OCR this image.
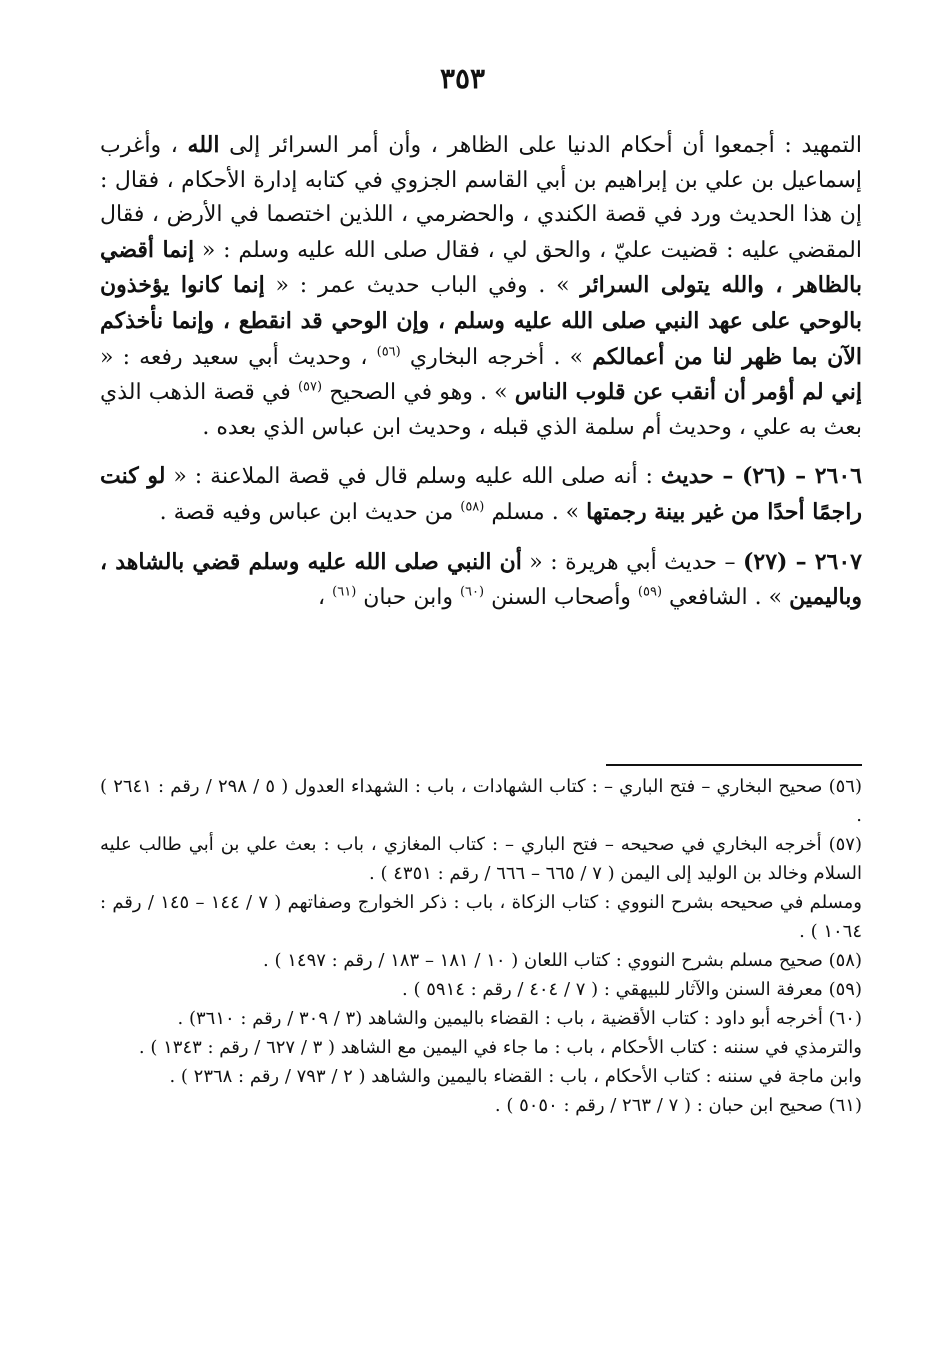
٣٥٣

التمهيد : أجمعوا أن أحكام الدنيا على الظاهر ، وأن أمر السرائر إلى الله ، وأغرب إسماعيل بن علي بن إبراهيم بن أبي القاسم الجزوي في كتابه إدارة الأحكام ، فقال : إن هذا الحديث ورد في قصة الكندي ، والحضرمي ، اللذين اختصما في الأرض ، فقال المقضي عليه : قضيت عليّ ، والحق لي ، فقال صلى الله عليه وسلم : « إنما أقضي بالظاهر ، والله يتولى السرائر » . وفي الباب حديث عمر : « إنما كانوا يؤخذون بالوحي على عهد النبي صلى الله عليه وسلم ، وإن الوحي قد انقطع ، وإنما نأخذكم الآن بما ظهر لنا من أعمالكم » . أخرجه البخاري $^{(٥٦)}$ ، وحديث أبي سعيد رفعه : « إني لم أؤمر أن أنقب عن قلوب الناس » . وهو في الصحيح $^{(٥٧)}$ في قصة الذهب الذي بعث به علي ، وحديث أم سلمة الذي قبله ، وحديث ابن عباس الذي بعده .

٢٦٠٦ – (٢٦) – حديث : أنه صلى الله عليه وسلم قال في قصة الملاعنة : « لو كنت راجمًا أحدًا من غير بينة رجمتها » . مسلم $^{(٥٨)}$ من حديث ابن عباس وفيه قصة .

٢٦٠٧ – (٢٧) – حديث أبي هريرة : « أن النبي صلى الله عليه وسلم قضي بالشاهد ، وباليمين » . الشافعي $^{(٥٩)}$ وأصحاب السنن $^{(٦٠)}$ وابن حبان $^{(٦١)}$ ،

(٥٦) صحيح البخاري – فتح الباري – : كتاب الشهادات ، باب : الشهداء العدول ( ٥ / ٢٩٨ / رقم : ٢٦٤١ ) .

(٥٧) أخرجه البخاري في صحيحه – فتح الباري – : كتاب المغازي ، باب : بعث علي بن أبي طالب عليه السلام وخالد بن الوليد إلى اليمن ( ٧ / ٦٦٥ – ٦٦٦ / رقم : ٤٣٥١ ) .

ومسلم في صحيحه بشرح النووي : كتاب الزكاة ، باب : ذكر الخوارج وصفاتهم ( ٧ / ١٤٤ – ١٤٥ / رقم : ١٠٦٤ ) .

(٥٨) صحيح مسلم بشرح النووي : كتاب اللعان ( ١٠ / ١٨١ – ١٨٣ / رقم : ١٤٩٧ ) .

(٥٩) معرفة السنن والآثار للبيهقي : ( ٧ / ٤٠٤ / رقم : ٥٩١٤ ) .

(٦٠) أخرجه أبو داود : كتاب الأقضية ، باب : القضاء باليمين والشاهد (٣ / ٣٠٩ / رقم : ٣٦١٠) .

والترمذي في سننه : كتاب الأحكام ، باب : ما جاء في اليمين مع الشاهد ( ٣ / ٦٢٧ / رقم : ١٣٤٣ ) .

وابن ماجة في سننه : كتاب الأحكام ، باب : القضاء باليمين والشاهد ( ٢ / ٧٩٣ / رقم : ٢٣٦٨ ) .

(٦١) صحيح ابن حبان : ( ٧ / ٢٦٣ / رقم : ٥٠٥٠ ) .
